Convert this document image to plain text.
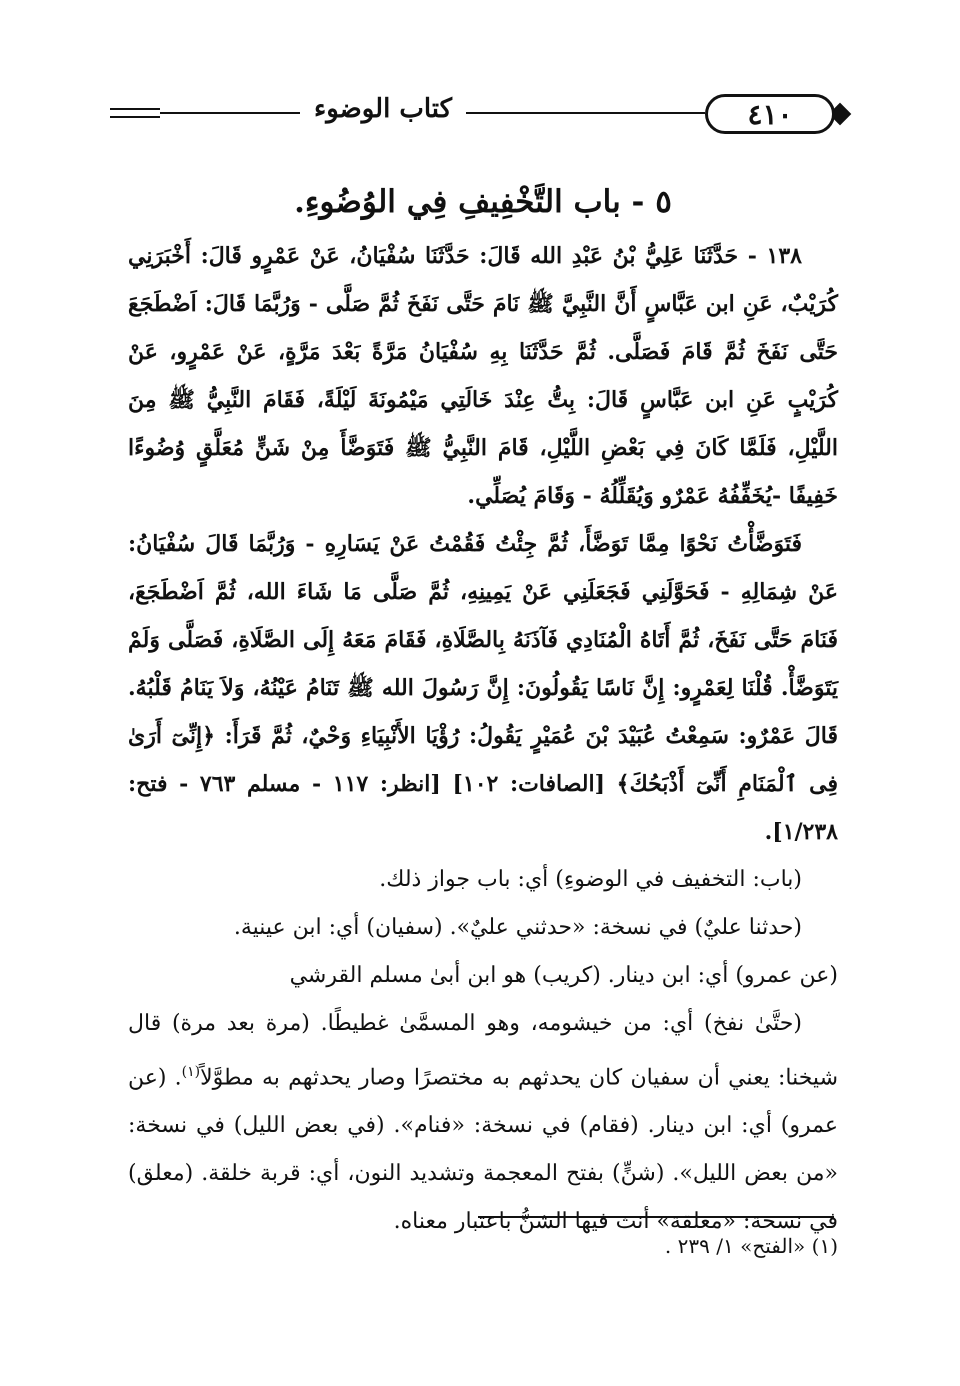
كتاب الوضوء	٤١٠

٥ - باب التَّخْفِيفِ فِي الوُضُوءِ.

١٣٨ - حَدَّثَنَا عَلِيُّ بْنُ عَبْدِ الله قَالَ: حَدَّثَنَا سُفْيَانُ، عَنْ عَمْرٍو قَالَ: أَخْبَرَنِي كُرَيْبٌ، عَنِ ابن عَبَّاسٍ أَنَّ النَّبِيَّ ﷺ نَامَ حَتَّى نَفَخَ ثُمَّ صَلَّى - وَرُبَّمَا قَالَ: اَضْطَجَعَ حَتَّى نَفَخَ ثُمَّ قَامَ فَصَلَّى. ثُمَّ حَدَّثَنَا بِهِ سُفْيَانُ مَرَّةً بَعْدَ مَرَّةٍ، عَنْ عَمْرٍو، عَنْ كُرَيْبٍ عَنِ ابن عَبَّاسٍ قَالَ: بِتُّ عِنْدَ خَالَتِي مَيْمُونَةَ لَيْلَةً، فَقَامَ النَّبِيُّ ﷺ مِنَ اللَّيْلِ، فَلَمَّا كَانَ فِي بَعْضِ اللَّيْلِ، قَامَ النَّبِيُّ ﷺ فَتَوَضَّأَ مِنْ شَنٍّ مُعَلَّقٍ وُضُوءًا خَفِيفًا -يُخَفِّفُهُ عَمْرٌو وَيُقَلِّلُهُ - وَقَامَ يُصَلِّي.

فَتَوَضَّأْتُ نَحْوًا مِمَّا تَوَضَّأَ، ثُمَّ جِئْتُ فَقُمْتُ عَنْ يَسَارِهِ - وَرُبَّمَا قَالَ سُفْيَانُ: عَنْ شِمَالِهِ - فَحَوَّلَنِي فَجَعَلَنِي عَنْ يَمِينِهِ، ثُمَّ صَلَّى مَا شَاءَ الله، ثُمَّ اَضْطَجَعَ، فَنَامَ حَتَّى نَفَخَ، ثُمَّ أَتَاهُ الْمُنَادِي فَآذَنَهُ بِالصَّلَاةِ، فَقَامَ مَعَهُ إِلَى الصَّلَاةِ، فَصَلَّى وَلَمْ يَتَوَضَّأْ. قُلْنَا لِعَمْرٍو: إِنَّ نَاسًا يَقُولُونَ: إِنَّ رَسُولَ الله ﷺ تَنَامُ عَيْنُهُ، وَلاَ يَنَامُ قَلْبُهُ. قَالَ عَمْرٌو: سَمِعْتُ عُبَيْدَ بْنَ عُمَيْرٍ يَقُولُ: رُؤْيَا الأَنْبِيَاءِ وَحْيٌ، ثُمَّ قَرَأَ: ﴿إِنِّىٓ أَرَىٰ فِى ٱلْمَنَامِ أَنِّىٓ أَذْبَحُكَ﴾ [الصافات: ١٠٢] [انظر: ١١٧ - مسلم ٧٦٣ - فتح: ١/٢٣٨].

(باب: التخفيف في الوضوءِ) أي: باب جواز ذلك.

(حدثنا عليٌ) في نسخة: «حدثني عليٌ». (سفيان) أي: ابن عينية.

(عن عمرو) أي: ابن دينار. (كريب) هو ابن أبىٰ مسلم القرشي

(حتَّىٰ نفخ) أي: من خيشومه، وهو المسمَّىٰ غطيطًا. (مرة بعد مرة) قال شيخنا: يعني أن سفيان كان يحدثهم به مختصرًا وصار يحدثهم به مطوَّلاً$^{(١)}$. (عن عمرو) أي: ابن دينار. (فقام) في نسخة: «فنام». (في بعض الليل) في نسخة: «من بعض الليل». (شنٍّ) بفتح المعجمة وتشديد النون، أي: قربة خلقة. (معلق) في نسخة: «معلقة» أنث فيها الشنُّ باعتبار معناه.

(١) «الفتح» ١/ ٢٣٩ .
